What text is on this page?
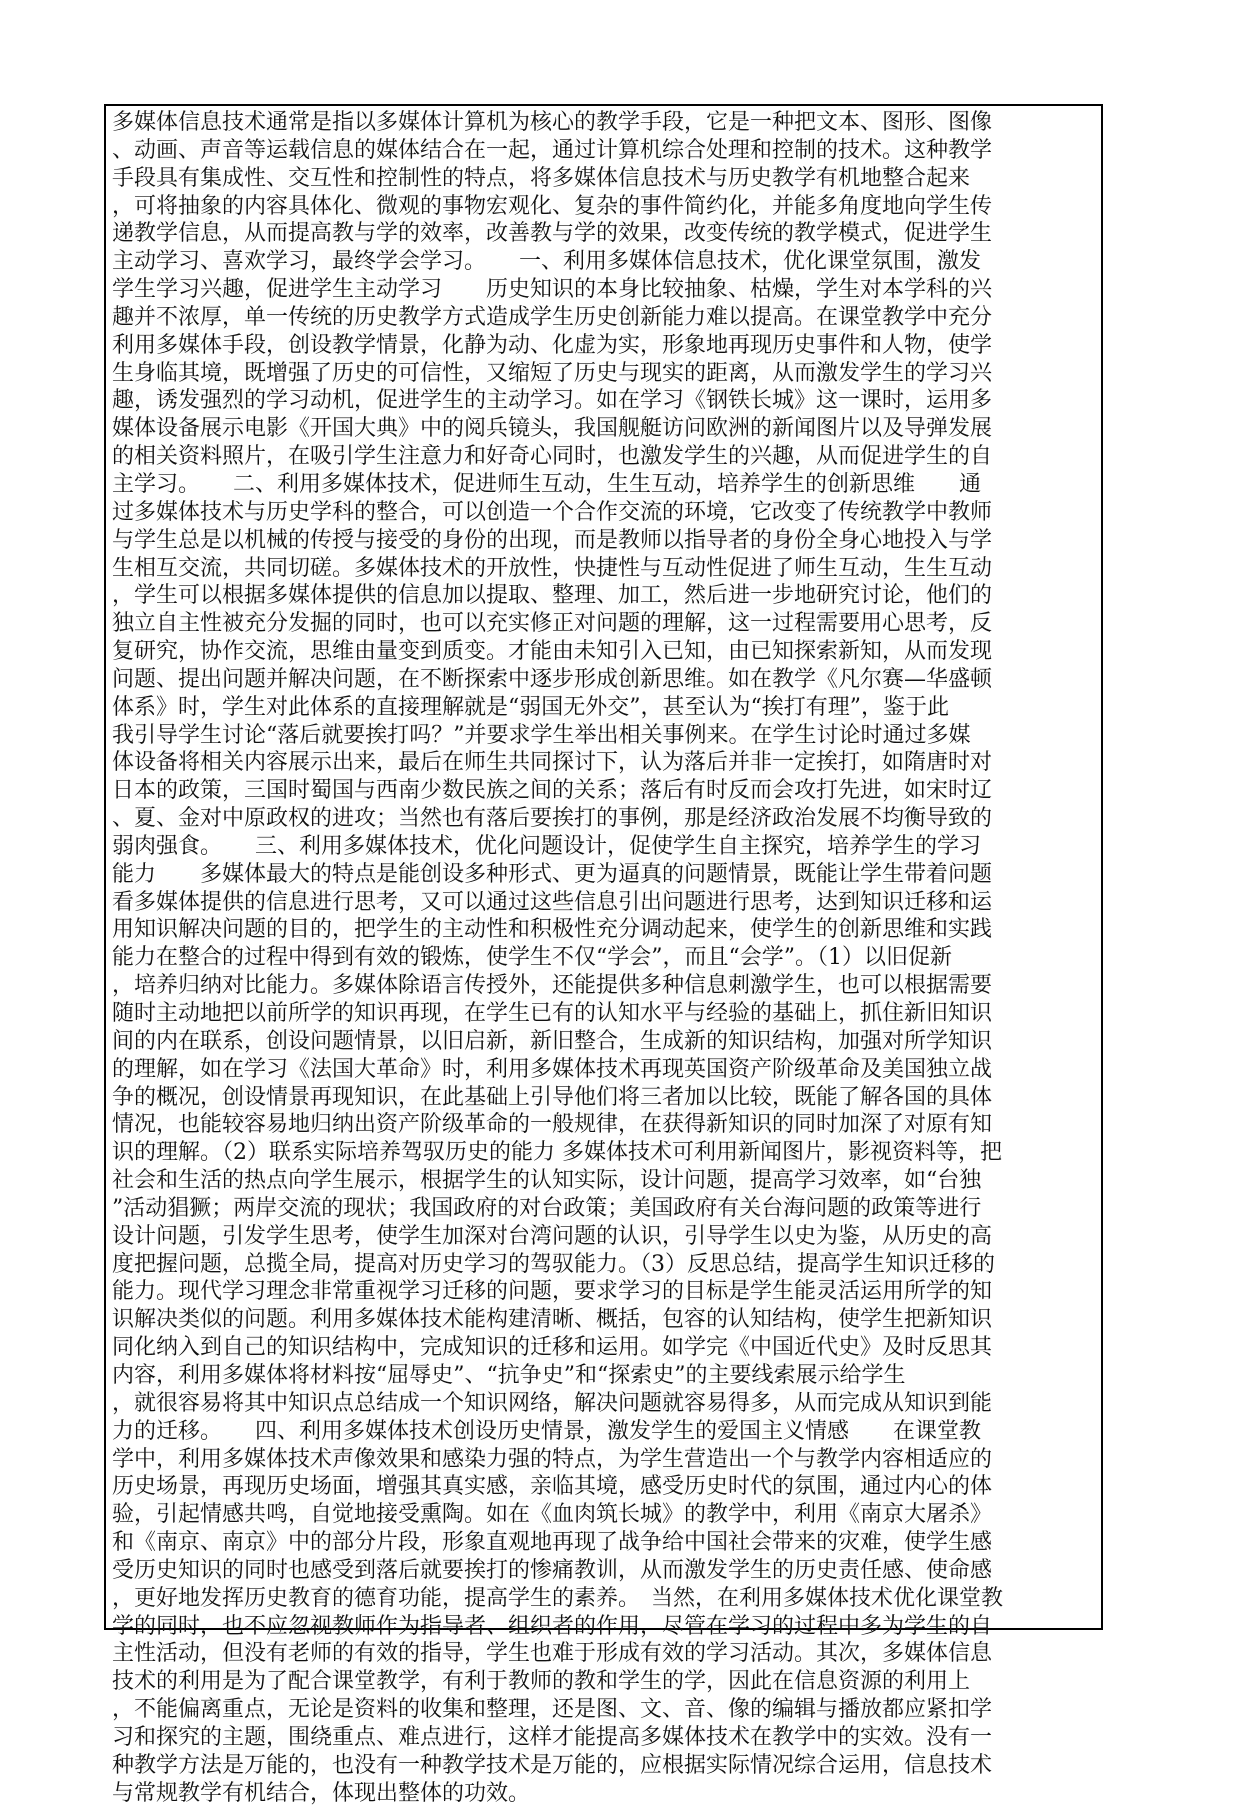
多媒体信息技术通常是指以多媒体计算机为核心的教学手段，它是一种把文本、图形、图像
、动画、声音等运载信息的媒体结合在一起，通过计算机综合处理和控制的技术。这种教学
手段具有集成性、交互性和控制性的特点，将多媒体信息技术与历史教学有机地整合起来
，可将抽象的内容具体化、微观的事物宏观化、复杂的事件简约化，并能多角度地向学生传
递教学信息，从而提高教与学的效率，改善教与学的效果，改变传统的教学模式，促进学生
主动学习、喜欢学习，最终学会学习。　　一、利用多媒体信息技术，优化课堂氛围，激发
学生学习兴趣，促进学生主动学习　　历史知识的本身比较抽象、枯燥，学生对本学科的兴
趣并不浓厚，单一传统的历史教学方式造成学生历史创新能力难以提高。在课堂教学中充分
利用多媒体手段，创设教学情景，化静为动、化虚为实，形象地再现历史事件和人物，使学
生身临其境，既增强了历史的可信性，又缩短了历史与现实的距离，从而激发学生的学习兴
趣，诱发强烈的学习动机，促进学生的主动学习。如在学习《钢铁长城》这一课时，运用多
媒体设备展示电影《开国大典》中的阅兵镜头，我国舰艇访问欧洲的新闻图片以及导弹发展
的相关资料照片，在吸引学生注意力和好奇心同时，也激发学生的兴趣，从而促进学生的自
主学习。　　二、利用多媒体技术，促进师生互动，生生互动，培养学生的创新思维　　通
过多媒体技术与历史学科的整合，可以创造一个合作交流的环境，它改变了传统教学中教师
与学生总是以机械的传授与接受的身份的出现，而是教师以指导者的身份全身心地投入与学
生相互交流，共同切磋。多媒体技术的开放性，快捷性与互动性促进了师生互动，生生互动
，学生可以根据多媒体提供的信息加以提取、整理、加工，然后进一步地研究讨论，他们的
独立自主性被充分发掘的同时，也可以充实修正对问题的理解，这一过程需要用心思考，反
复研究，协作交流，思维由量变到质变。才能由未知引入已知，由已知探索新知，从而发现
问题、提出问题并解决问题，在不断探索中逐步形成创新思维。如在教学《凡尔赛—华盛顿
体系》时，学生对此体系的直接理解就是“弱国无外交”，甚至认为“挨打有理”，鉴于此
我引导学生讨论“落后就要挨打吗？”并要求学生举出相关事例来。在学生讨论时通过多媒
体设备将相关内容展示出来，最后在师生共同探讨下，认为落后并非一定挨打，如隋唐时对
日本的政策，三国时蜀国与西南少数民族之间的关系；落后有时反而会攻打先进，如宋时辽
、夏、金对中原政权的进攻；当然也有落后要挨打的事例，那是经济政治发展不均衡导致的
弱肉强食。　　三、利用多媒体技术，优化问题设计，促使学生自主探究，培养学生的学习
能力　　多媒体最大的特点是能创设多种形式、更为逼真的问题情景，既能让学生带着问题
看多媒体提供的信息进行思考，又可以通过这些信息引出问题进行思考，达到知识迁移和运
用知识解决问题的目的，把学生的主动性和积极性充分调动起来，使学生的创新思维和实践
能力在整合的过程中得到有效的锻炼，使学生不仅“学会”，而且“会学”。（1）以旧促新
，培养归纳对比能力。多媒体除语言传授外，还能提供多种信息刺激学生，也可以根据需要
随时主动地把以前所学的知识再现，在学生已有的认知水平与经验的基础上，抓住新旧知识
间的内在联系，创设问题情景，以旧启新，新旧整合，生成新的知识结构，加强对所学知识
的理解，如在学习《法国大革命》时，利用多媒体技术再现英国资产阶级革命及美国独立战
争的概况，创设情景再现知识，在此基础上引导他们将三者加以比较，既能了解各国的具体
情况，也能较容易地归纳出资产阶级革命的一般规律，在获得新知识的同时加深了对原有知
识的理解。（2）联系实际培养驾驭历史的能力 多媒体技术可利用新闻图片，影视资料等，把
社会和生活的热点向学生展示，根据学生的认知实际，设计问题，提高学习效率，如“台独
”活动猖獗；两岸交流的现状；我国政府的对台政策；美国政府有关台海问题的政策等进行
设计问题，引发学生思考，使学生加深对台湾问题的认识，引导学生以史为鉴，从历史的高
度把握问题，总揽全局，提高对历史学习的驾驭能力。（3）反思总结，提高学生知识迁移的
能力。现代学习理念非常重视学习迁移的问题，要求学习的目标是学生能灵活运用所学的知
识解决类似的问题。利用多媒体技术能构建清晰、概括，包容的认知结构，使学生把新知识
同化纳入到自己的知识结构中，完成知识的迁移和运用。如学完《中国近代史》及时反思其
内容，利用多媒体将材料按“屈辱史”、“抗争史”和“探索史”的主要线索展示给学生
，就很容易将其中知识点总结成一个知识网络，解决问题就容易得多，从而完成从知识到能
力的迁移。　　四、利用多媒体技术创设历史情景，激发学生的爱国主义情感　　在课堂教
学中，利用多媒体技术声像效果和感染力强的特点，为学生营造出一个与教学内容相适应的
历史场景，再现历史场面，增强其真实感，亲临其境，感受历史时代的氛围，通过内心的体
验，引起情感共鸣，自觉地接受熏陶。如在《血肉筑长城》的教学中，利用《南京大屠杀》
和《南京、南京》中的部分片段，形象直观地再现了战争给中国社会带来的灾难，使学生感
受历史知识的同时也感受到落后就要挨打的惨痛教训，从而激发学生的历史责任感、使命感
，更好地发挥历史教育的德育功能，提高学生的素养。　当然，在利用多媒体技术优化课堂教
学的同时，也不应忽视教师作为指导者、组织者的作用，尽管在学习的过程中多为学生的自
主性活动，但没有老师的有效的指导，学生也难于形成有效的学习活动。其次，多媒体信息
技术的利用是为了配合课堂教学，有利于教师的教和学生的学，因此在信息资源的利用上
，不能偏离重点，无论是资料的收集和整理，还是图、文、音、像的编辑与播放都应紧扣学
习和探究的主题，围绕重点、难点进行，这样才能提高多媒体技术在教学中的实效。没有一
种教学方法是万能的，也没有一种教学技术是万能的，应根据实际情况综合运用，信息技术
与常规教学有机结合，体现出整体的功效。
